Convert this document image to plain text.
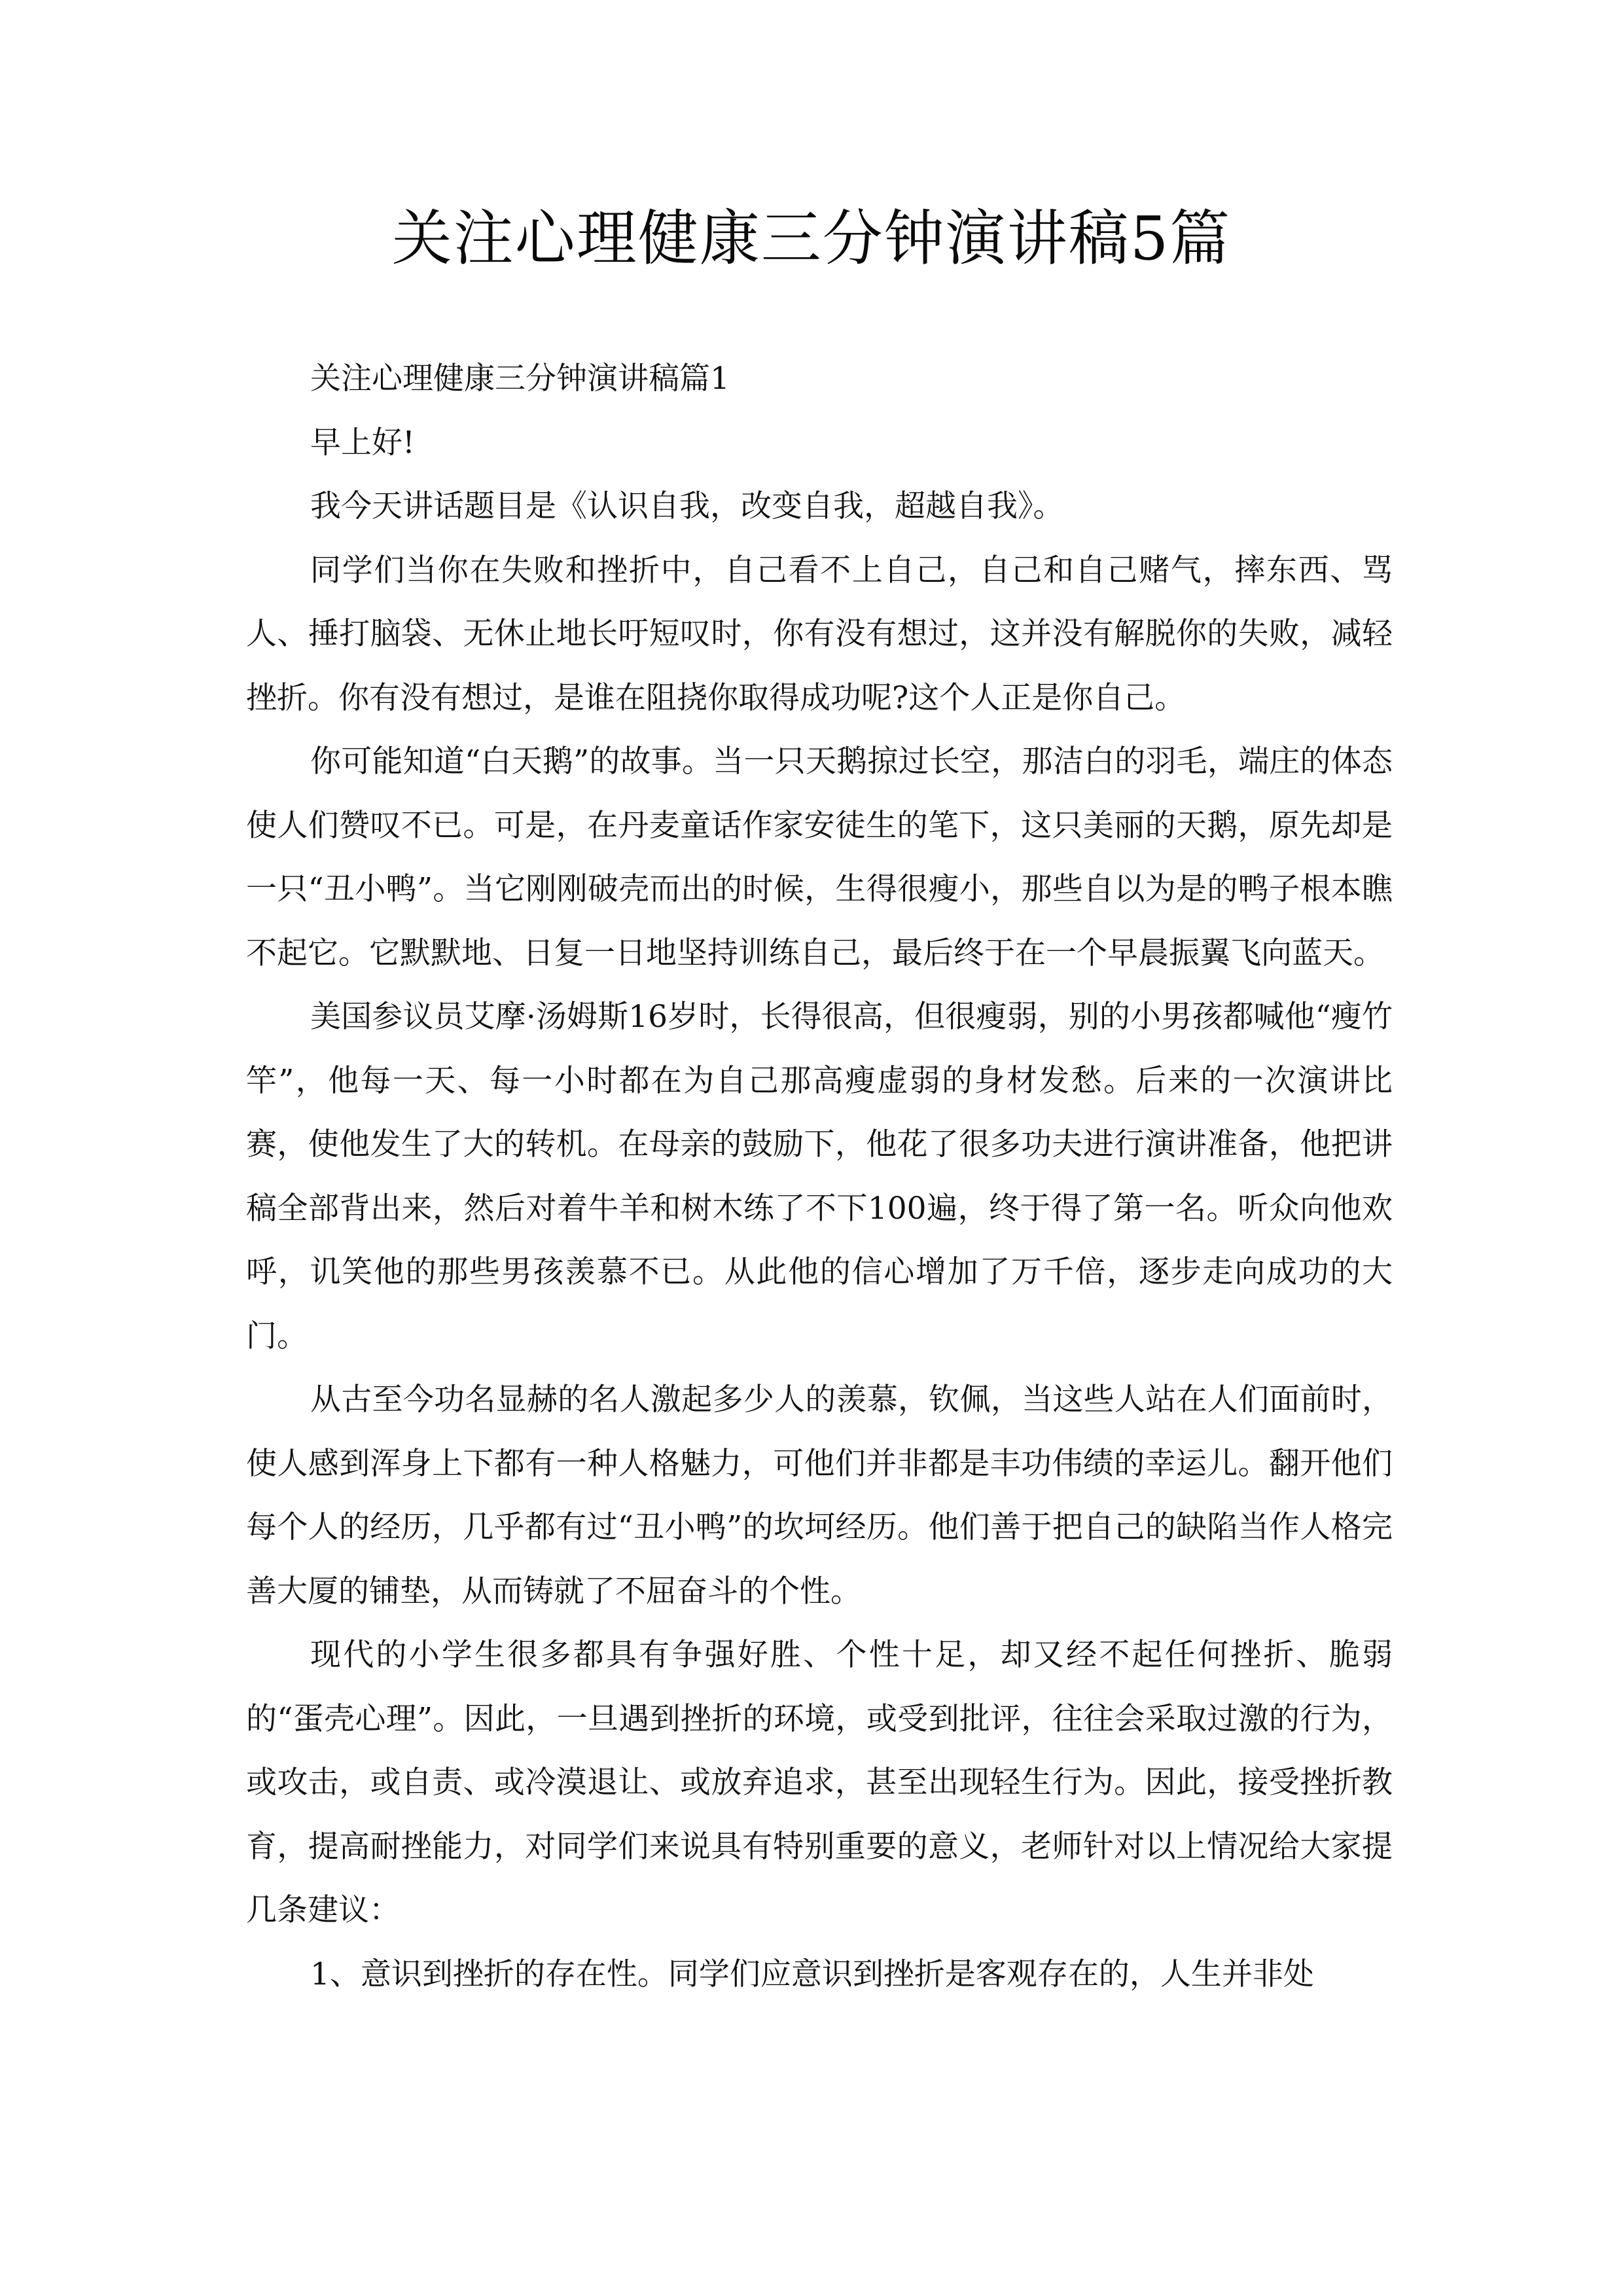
关注心理健康三分钟演讲稿5篇

关注心理健康三分钟演讲稿篇1

早上好!

我今天讲话题目是《认识自我，改变自我，超越自我》。

同学们当你在失败和挫折中，自己看不上自己，自己和自己赌气，摔东西、骂人、捶打脑袋、无休止地长吁短叹时，你有没有想过，这并没有解脱你的失败，减轻挫折。你有没有想过，是谁在阻挠你取得成功呢?这个人正是你自己。

你可能知道“白天鹅”的故事。当一只天鹅掠过长空，那洁白的羽毛，端庄的体态使人们赞叹不已。可是，在丹麦童话作家安徒生的笔下，这只美丽的天鹅，原先却是一只“丑小鸭”。当它刚刚破壳而出的时候，生得很瘦小，那些自以为是的鸭子根本瞧不起它。它默默地、日复一日地坚持训练自己，最后终于在一个早晨振翼飞向蓝天。

美国参议员艾摩·汤姆斯16岁时，长得很高，但很瘦弱，别的小男孩都喊他“瘦竹竿”，他每一天、每一小时都在为自己那高瘦虚弱的身材发愁。后来的一次演讲比赛，使他发生了大的转机。在母亲的鼓励下，他花了很多功夫进行演讲准备，他把讲稿全部背出来，然后对着牛羊和树木练了不下100遍，终于得了第一名。听众向他欢呼，讥笑他的那些男孩羡慕不已。从此他的信心增加了万千倍，逐步走向成功的大门。

从古至今功名显赫的名人激起多少人的羡慕，钦佩，当这些人站在人们面前时，使人感到浑身上下都有一种人格魅力，可他们并非都是丰功伟绩的幸运儿。翻开他们每个人的经历，几乎都有过“丑小鸭”的坎坷经历。他们善于把自己的缺陷当作人格完善大厦的铺垫，从而铸就了不屈奋斗的个性。

现代的小学生很多都具有争强好胜、个性十足，却又经不起任何挫折、脆弱的“蛋壳心理”。因此，一旦遇到挫折的环境，或受到批评，往往会采取过激的行为，或攻击，或自责、或冷漠退让、或放弃追求，甚至出现轻生行为。因此，接受挫折教育，提高耐挫能力，对同学们来说具有特别重要的意义，老师针对以上情况给大家提几条建议：

1、意识到挫折的存在性。同学们应意识到挫折是客观存在的，人生并非处
